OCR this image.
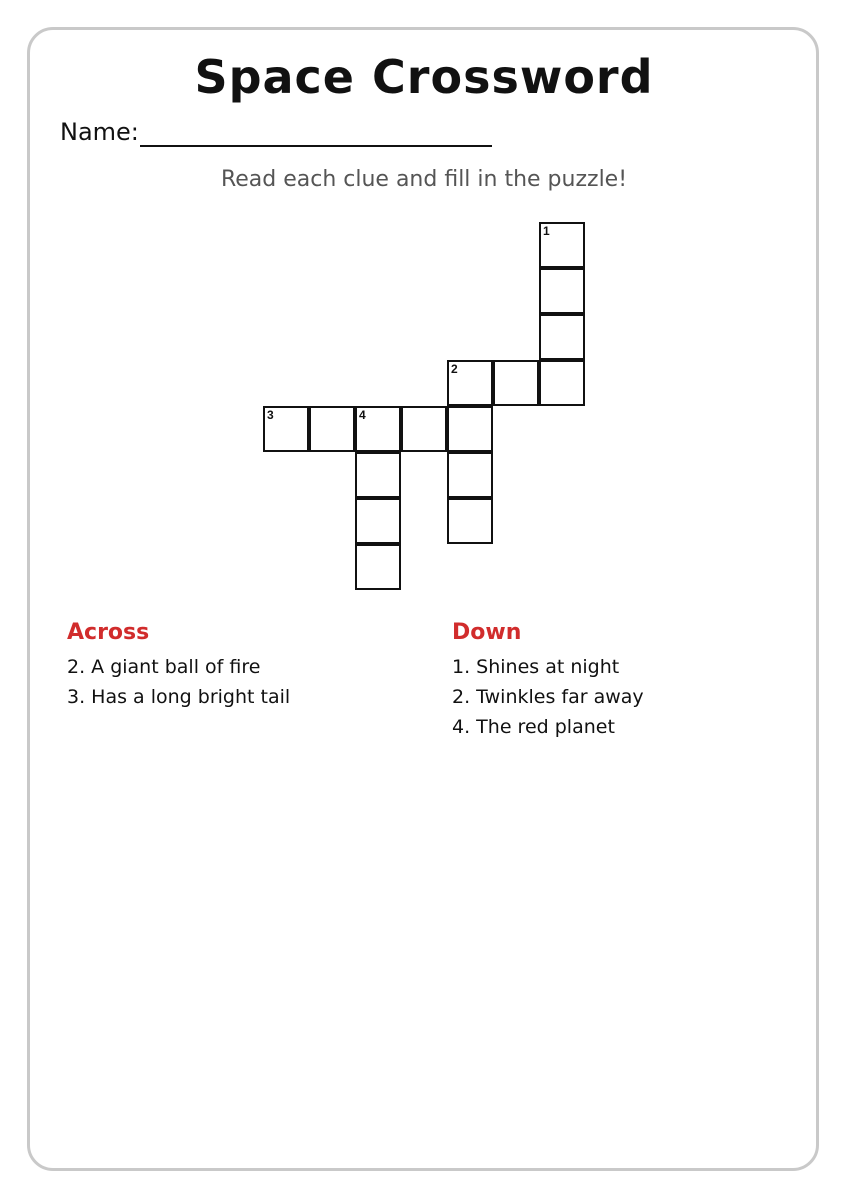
Space Crossword
Name:
Read each clue and fill in the puzzle!
1
2
3	4
Across
2. A giant ball of fire
3. Has a long bright tail
Down
1. Shines at night
2. Twinkles far away
4. The red planet
